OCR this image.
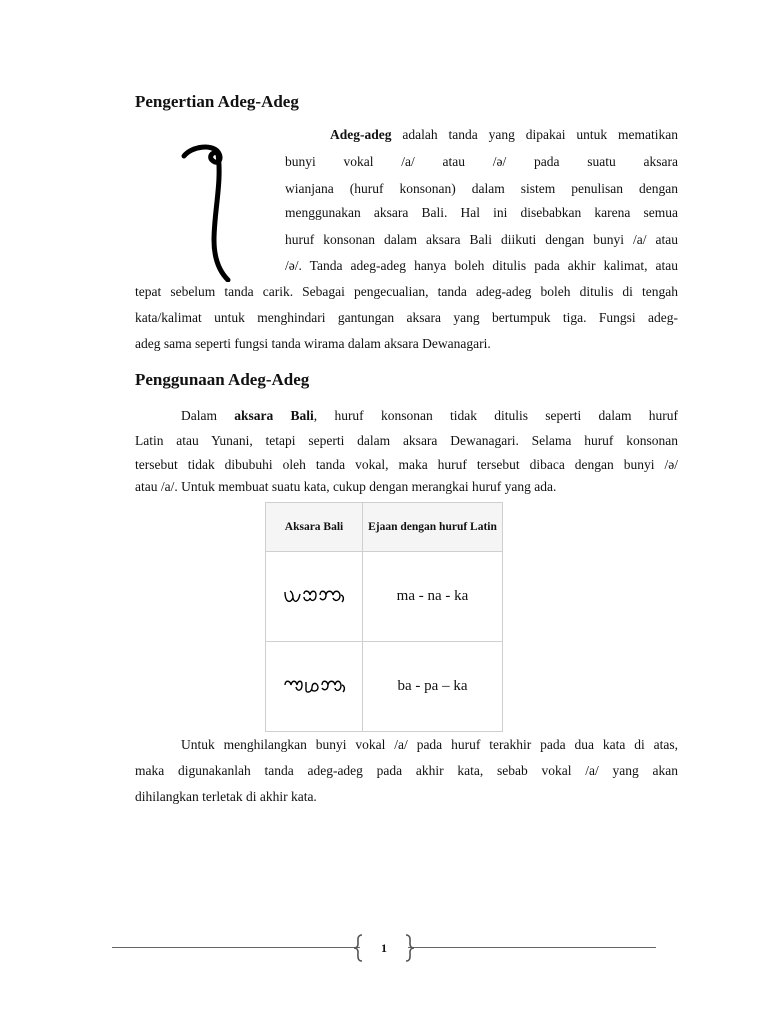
Pengertian Adeg-Adeg
Adeg-adeg adalah tanda yang dipakai untuk mematikan
bunyi vokal /a/ atau /ə/ pada suatu aksara
wianjana (huruf konsonan) dalam sistem penulisan dengan
menggunakan aksara Bali. Hal ini disebabkan karena semua
huruf konsonan dalam aksara Bali diikuti dengan bunyi /a/ atau
/ə/. Tanda adeg-adeg hanya boleh ditulis pada akhir kalimat, atau
tepat sebelum tanda carik. Sebagai pengecualian, tanda adeg-adeg boleh ditulis di tengah
kata/kalimat untuk menghindari gantungan aksara yang bertumpuk tiga. Fungsi adeg-
adeg sama seperti fungsi tanda wirama dalam aksara Dewanagari.
Penggunaan Adeg-Adeg
Dalam aksara Bali, huruf konsonan tidak ditulis seperti dalam huruf
Latin atau Yunani, tetapi seperti dalam aksara Dewanagari. Selama huruf konsonan
tersebut tidak dibubuhi oleh tanda vokal, maka huruf tersebut dibaca dengan bunyi /ə/
atau /a/. Untuk membuat suatu kata, cukup dengan merangkai huruf yang ada.
Aksara Bali	Ejaan dengan huruf Latin

	ma - na - ka

	ba - pa – ka
Untuk menghilangkan bunyi vokal /a/ pada huruf terakhir pada dua kata di atas,
maka digunakanlah tanda adeg-adeg pada akhir kata, sebab vokal /a/ yang akan
dihilangkan terletak di akhir kata.
1
